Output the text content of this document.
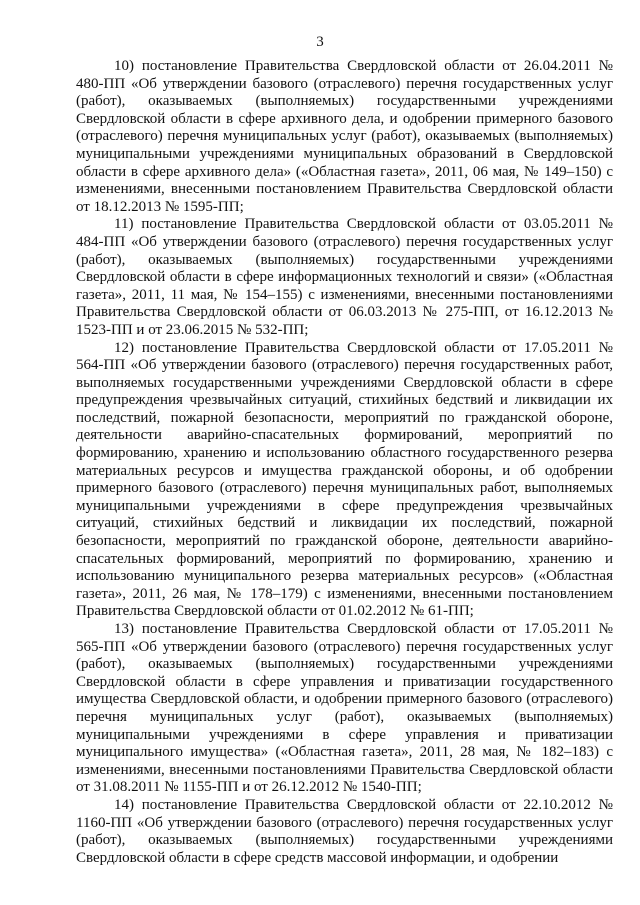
3

10) постановление Правительства Свердловской области от 26.04.2011 № 480-ПП «Об утверждении базового (отраслевого) перечня государственных услуг (работ), оказываемых (выполняемых) государственными учреждениями Свердловской области в сфере архивного дела, и одобрении примерного базового (отраслевого) перечня муниципальных услуг (работ), оказываемых (выполняемых) муниципальными учреждениями муниципальных образований в Свердловской области в сфере архивного дела» («Областная газета», 2011, 06 мая, № 149–150) с изменениями, внесенными постановлением Правительства Свердловской области от 18.12.2013 № 1595-ПП;

11) постановление Правительства Свердловской области от 03.05.2011 № 484-ПП «Об утверждении базового (отраслевого) перечня государственных услуг (работ), оказываемых (выполняемых) государственными учреждениями Свердловской области в сфере информационных технологий и связи» («Областная газета», 2011, 11 мая, № 154–155) с изменениями, внесенными постановлениями Правительства Свердловской области от 06.03.2013 № 275-ПП, от 16.12.2013 № 1523-ПП и от 23.06.2015 № 532-ПП;

12) постановление Правительства Свердловской области от 17.05.2011 № 564-ПП «Об утверждении базового (отраслевого) перечня государственных работ, выполняемых государственными учреждениями Свердловской области в сфере предупреждения чрезвычайных ситуаций, стихийных бедствий и ликвидации их последствий, пожарной безопасности, мероприятий по гражданской обороне, деятельности аварийно-спасательных формирований, мероприятий по формированию, хранению и использованию областного государственного резерва материальных ресурсов и имущества гражданской обороны, и об одобрении примерного базового (отраслевого) перечня муниципальных работ, выполняемых муниципальными учреждениями в сфере предупреждения чрезвычайных ситуаций, стихийных бедствий и ликвидации их последствий, пожарной безопасности, мероприятий по гражданской обороне, деятельности аварийно-спасательных формирований, мероприятий по формированию, хранению и использованию муниципального резерва материальных ресурсов» («Областная газета», 2011, 26 мая, № 178–179) с изменениями, внесенными постановлением Правительства Свердловской области от 01.02.2012 № 61-ПП;

13) постановление Правительства Свердловской области от 17.05.2011 № 565-ПП «Об утверждении базового (отраслевого) перечня государственных услуг (работ), оказываемых (выполняемых) государственными учреждениями Свердловской области в сфере управления и приватизации государственного имущества Свердловской области, и одобрении примерного базового (отраслевого) перечня муниципальных услуг (работ), оказываемых (выполняемых) муниципальными учреждениями в сфере управления и приватизации муниципального имущества» («Областная газета», 2011, 28 мая, № 182–183) с изменениями, внесенными постановлениями Правительства Свердловской области от 31.08.2011 № 1155-ПП и от 26.12.2012 № 1540-ПП;

14) постановление Правительства Свердловской области от 22.10.2012 № 1160-ПП «Об утверждении базового (отраслевого) перечня государственных услуг (работ), оказываемых (выполняемых) государственными учреждениями Свердловской области в сфере средств массовой информации, и одобрении
